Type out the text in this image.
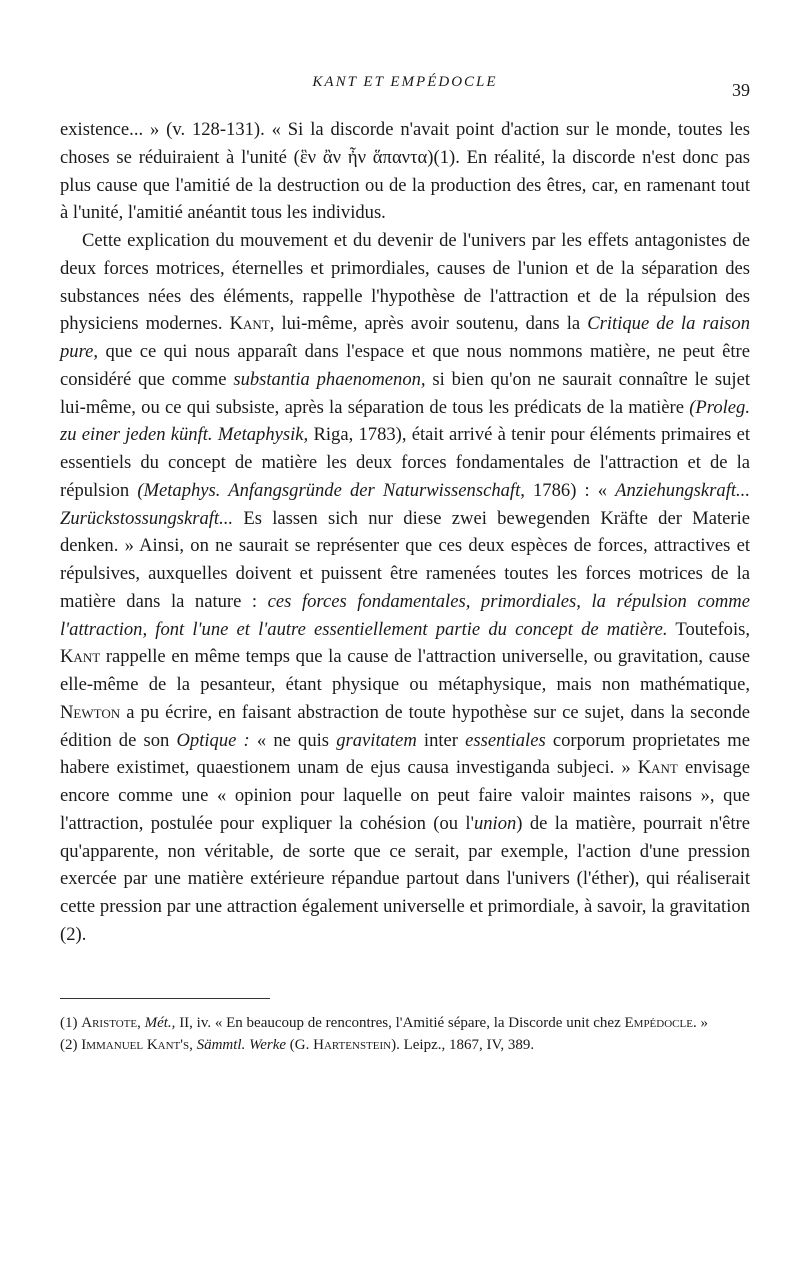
KANT ET EMPÉDOCLE	39

existence... » (v. 128-131). « Si la discorde n'avait point d'action sur le monde, toutes les choses se réduiraient à l'unité (ἓν ἂν ἦν ἅπαντα)(1). En réalité, la discorde n'est donc pas plus cause que l'amitié de la destruction ou de la production des êtres, car, en ramenant tout à l'unité, l'amitié anéantit tous les individus.

Cette explication du mouvement et du devenir de l'univers par les effets antagonistes de deux forces motrices, éternelles et primordiales, causes de l'union et de la séparation des substances nées des éléments, rappelle l'hypothèse de l'attraction et de la répulsion des physiciens modernes. Kant, lui-même, après avoir soutenu, dans la Critique de la raison pure, que ce qui nous apparaît dans l'espace et que nous nommons matière, ne peut être considéré que comme substantia phaenomenon, si bien qu'on ne saurait connaître le sujet lui-même, ou ce qui subsiste, après la séparation de tous les prédicats de la matière (Proleg. zu einer jeden künft. Metaphysik, Riga, 1783), était arrivé à tenir pour éléments primaires et essentiels du concept de matière les deux forces fondamentales de l'attraction et de la répulsion (Metaphys. Anfangsgründe der Naturwissenschaft, 1786) : « Anziehungskraft... Zurückstossungskraft... Es lassen sich nur diese zwei bewegenden Kräfte der Materie denken. » Ainsi, on ne saurait se représenter que ces deux espèces de forces, attractives et répulsives, auxquelles doivent et puissent être ramenées toutes les forces motrices de la matière dans la nature : ces forces fondamentales, primordiales, la répulsion comme l'attraction, font l'une et l'autre essentiellement partie du concept de matière. Toutefois, Kant rappelle en même temps que la cause de l'attraction universelle, ou gravitation, cause elle-même de la pesanteur, étant physique ou métaphysique, mais non mathématique, Newton a pu écrire, en faisant abstraction de toute hypothèse sur ce sujet, dans la seconde édition de son Optique : « ne quis gravitatem inter essentiales corporum proprietates me habere existimet, quaestionem unam de ejus causa investiganda subjeci. » Kant envisage encore comme une « opinion pour laquelle on peut faire valoir maintes raisons », que l'attraction, postulée pour expliquer la cohésion (ou l'union) de la matière, pourrait n'être qu'apparente, non véritable, de sorte que ce serait, par exemple, l'action d'une pression exercée par une matière extérieure répandue partout dans l'univers (l'éther), qui réaliserait cette pression par une attraction également universelle et primordiale, à savoir, la gravitation (2).

(1) Aristote, Mét., II, iv. « En beaucoup de rencontres, l'Amitié sépare, la Discorde unit chez Empédocle. »

(2) Immanuel Kant's, Sämmtl. Werke (G. Hartenstein). Leipz., 1867, IV, 389.
